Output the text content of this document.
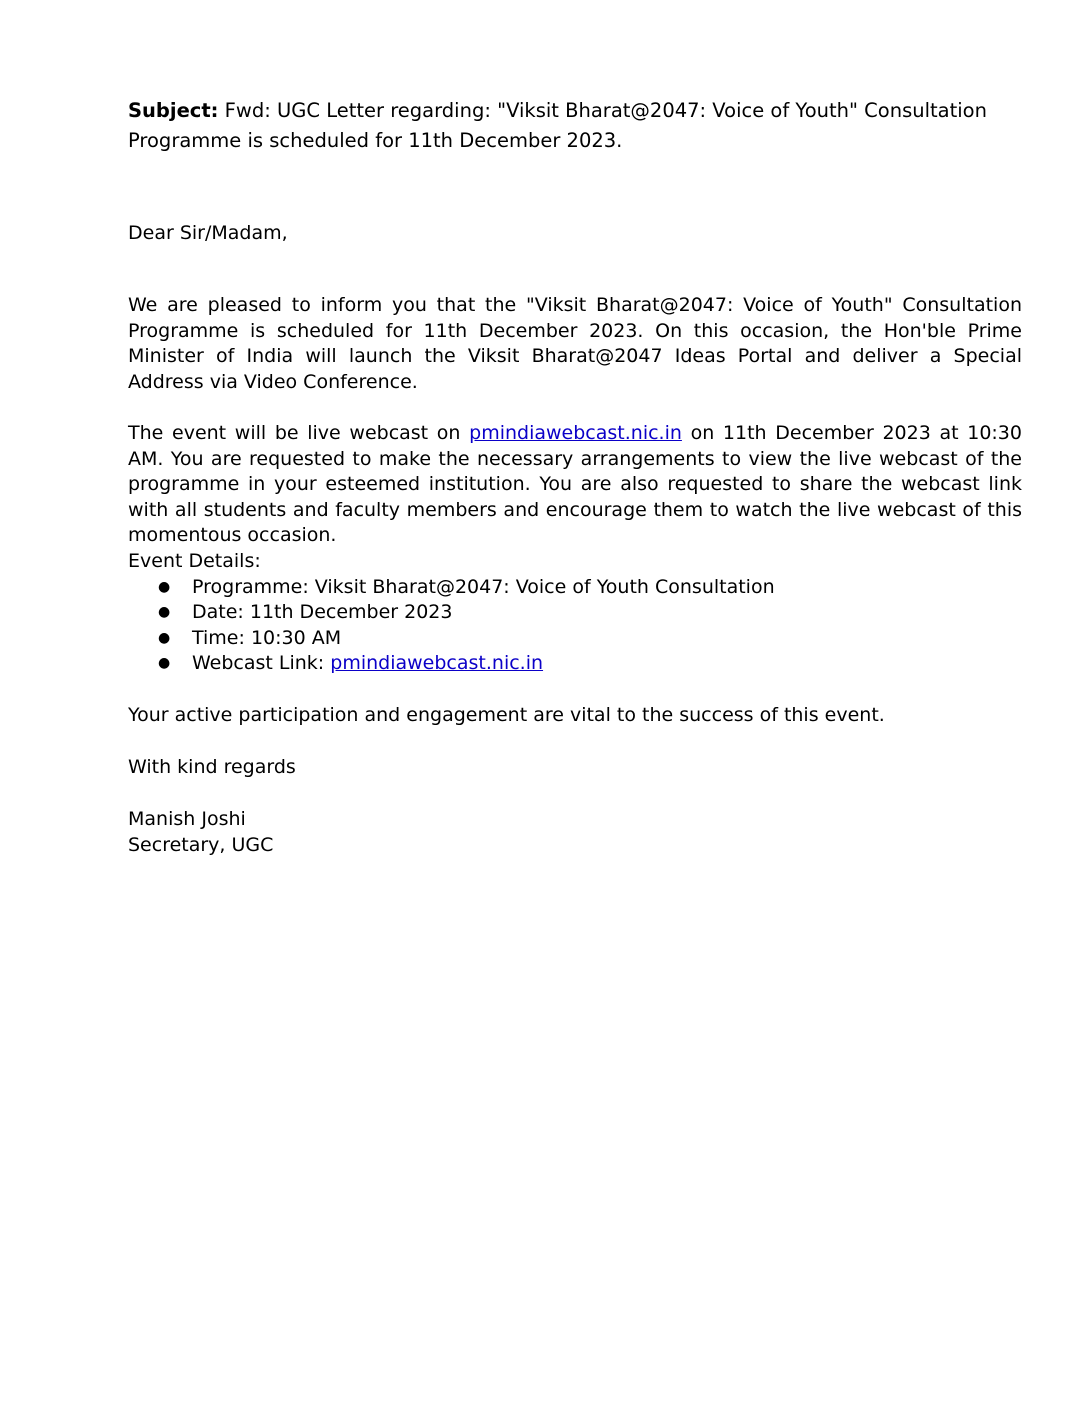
Subject: Fwd: UGC Letter regarding: "Viksit Bharat@2047: Voice of Youth" Consultation Programme is scheduled for 11th December 2023.

Dear Sir/Madam,

We are pleased to inform you that the "Viksit Bharat@2047: Voice of Youth" Consultation Programme is scheduled for 11th December 2023. On this occasion, the Hon'ble Prime Minister of India will launch the Viksit Bharat@2047 Ideas Portal and deliver a Special Address via Video Conference.

The event will be live webcast on pmindiawebcast.nic.in on 11th December 2023 at 10:30 AM. You are requested to make the necessary arrangements to view the live webcast of the programme in your esteemed institution. You are also requested to share the webcast link with all students and faculty members and encourage them to watch the live webcast of this momentous occasion.

Event Details:

● Programme: Viksit Bharat@2047: Voice of Youth Consultation
● Date: 11th December 2023
● Time: 10:30 AM
● Webcast Link: pmindiawebcast.nic.in

Your active participation and engagement are vital to the success of this event.

With kind regards

Manish Joshi
Secretary, UGC
